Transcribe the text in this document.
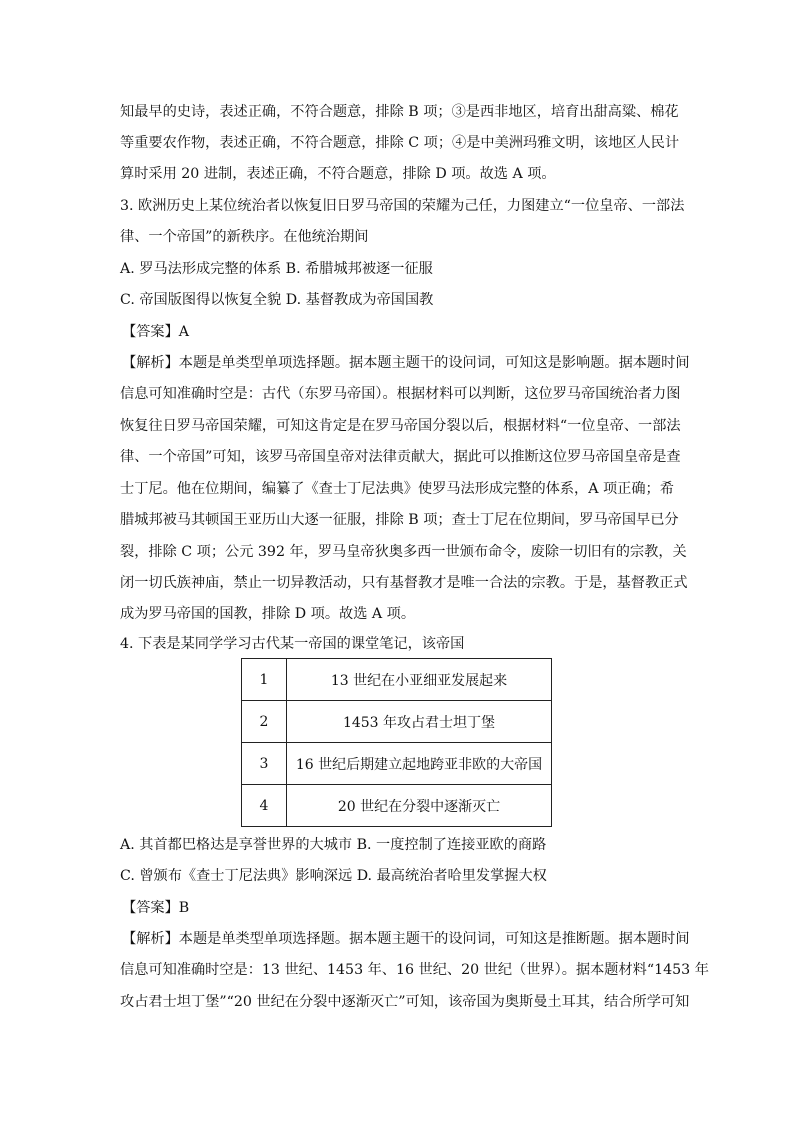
知最早的史诗，表述正确，不符合题意，排除 B 项；③是西非地区，培育出甜高粱、棉花
等重要农作物，表述正确，不符合题意，排除 C 项；④是中美洲玛雅文明，该地区人民计
算时采用 20 进制，表述正确，不符合题意，排除 D 项。故选 A 项。
3. 欧洲历史上某位统治者以恢复旧日罗马帝国的荣耀为己任，力图建立“一位皇帝、一部法
律、一个帝国”的新秩序。在他统治期间
A. 罗马法形成完整的体系 B. 希腊城邦被逐一征服
C. 帝国版图得以恢复全貌 D. 基督教成为帝国国教
【答案】A
【解析】本题是单类型单项选择题。据本题主题干的设问词，可知这是影响题。据本题时间
信息可知准确时空是：古代（东罗马帝国）。根据材料可以判断，这位罗马帝国统治者力图
恢复往日罗马帝国荣耀，可知这肯定是在罗马帝国分裂以后，根据材料“一位皇帝、一部法
律、一个帝国”可知，该罗马帝国皇帝对法律贡献大，据此可以推断这位罗马帝国皇帝是查
士丁尼。他在位期间，编纂了《查士丁尼法典》使罗马法形成完整的体系，A 项正确；希
腊城邦被马其顿国王亚历山大逐一征服，排除 B 项；查士丁尼在位期间，罗马帝国早已分
裂，排除 C 项；公元 392 年，罗马皇帝狄奥多西一世颁布命令，废除一切旧有的宗教，关
闭一切氏族神庙，禁止一切异教活动，只有基督教才是唯一合法的宗教。于是，基督教正式
成为罗马帝国的国教，排除 D 项。故选 A 项。
4. 下表是某同学学习古代某一帝国的课堂笔记，该帝国
1	13 世纪在小亚细亚发展起来
2	1453 年攻占君士坦丁堡
3	16 世纪后期建立起地跨亚非欧的大帝国
4	20 世纪在分裂中逐渐灭亡
A. 其首都巴格达是享誉世界的大城市 B. 一度控制了连接亚欧的商路
C. 曾颁布《查士丁尼法典》影响深远 D. 最高统治者哈里发掌握大权
【答案】B
【解析】本题是单类型单项选择题。据本题主题干的设问词，可知这是推断题。据本题时间
信息可知准确时空是：13 世纪、1453 年、16 世纪、20 世纪（世界）。据本题材料“1453 年
攻占君士坦丁堡”“20 世纪在分裂中逐渐灭亡”可知，该帝国为奥斯曼土耳其，结合所学可知
